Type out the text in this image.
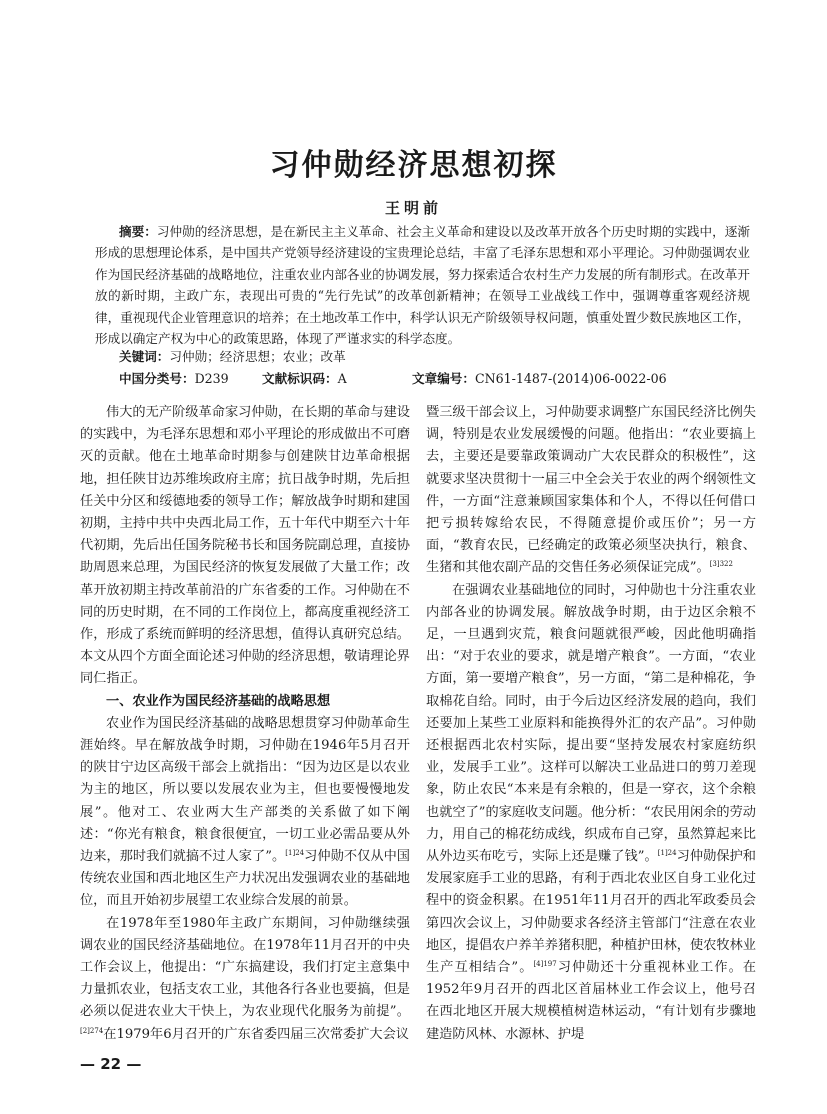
习仲勋经济思想初探
王明前
摘要：习仲勋的经济思想，是在新民主主义革命、社会主义革命和建设以及改革开放各个历史时期的实践中，逐渐形成的思想理论体系，是中国共产党领导经济建设的宝贵理论总结，丰富了毛泽东思想和邓小平理论。习仲勋强调农业作为国民经济基础的战略地位，注重农业内部各业的协调发展，努力探索适合农村生产力发展的所有制形式。在改革开放的新时期，主政广东，表现出可贵的“先行先试”的改革创新精神；在领导工业战线工作中，强调尊重客观经济规律，重视现代企业管理意识的培养；在土地改革工作中，科学认识无产阶级领导权问题，慎重处置少数民族地区工作，形成以确定产权为中心的政策思路，体现了严谨求实的科学态度。
关键词：习仲勋；经济思想；农业；改革
中国分类号：D239	文献标识码：A	文章编号：CN61-1487-(2014)06-0022-06

伟大的无产阶级革命家习仲勋，在长期的革命与建设的实践中，为毛泽东思想和邓小平理论的形成做出不可磨灭的贡献。他在土地革命时期参与创建陕甘边革命根据地，担任陕甘边苏维埃政府主席；抗日战争时期，先后担任关中分区和绥德地委的领导工作；解放战争时期和建国初期，主持中共中央西北局工作，五十年代中期至六十年代初期，先后出任国务院秘书长和国务院副总理，直接协助周恩来总理，为国民经济的恢复发展做了大量工作；改革开放初期主持改革前沿的广东省委的工作。习仲勋在不同的历史时期，在不同的工作岗位上，都高度重视经济工作，形成了系统而鲜明的经济思想，值得认真研究总结。本文从四个方面全面论述习仲勋的经济思想，敬请理论界同仁指正。

一、农业作为国民经济基础的战略思想

农业作为国民经济基础的战略思想贯穿习仲勋革命生涯始终。早在解放战争时期，习仲勋在1946年5月召开的陕甘宁边区高级干部会上就指出：“因为边区是以农业为主的地区，所以要以发展农业为主，但也要慢慢地发展”。他对工、农业两大生产部类的关系做了如下阐述：“你光有粮食，粮食很便宜，一切工业必需品要从外边来，那时我们就搞不过人家了”。$^{[1]24}$习仲勋不仅从中国传统农业国和西北地区生产力状况出发强调农业的基础地位，而且开始初步展望工农业综合发展的前景。

在1978年至1980年主政广东期间，习仲勋继续强调农业的国民经济基础地位。在1978年11月召开的中央工作会议上，他提出：“广东搞建设，我们打定主意集中力量抓农业，包括支农工业，其他各行各业也要搞，但是必须以促进农业大干快上，为农业现代化服务为前提”。$^{[2]274}$在1979年6月召开的广东省委四届三次常委扩大会议

暨三级干部会议上，习仲勋要求调整广东国民经济比例失调，特别是农业发展缓慢的问题。他指出：“农业要搞上去，主要还是要靠政策调动广大农民群众的积极性”，这就要求坚决贯彻十一届三中全会关于农业的两个纲领性文件，一方面“注意兼顾国家集体和个人，不得以任何借口把亏损转嫁给农民，不得随意提价或压价”；另一方面，“教育农民，已经确定的政策必须坚决执行，粮食、生猪和其他农副产品的交售任务必须保证完成”。$^{[3]322}$

在强调农业基础地位的同时，习仲勋也十分注重农业内部各业的协调发展。解放战争时期，由于边区余粮不足，一旦遇到灾荒，粮食问题就很严峻，因此他明确指出：“对于农业的要求，就是增产粮食”。一方面，“农业方面，第一要增产粮食”，另一方面，“第二是种棉花，争取棉花自给。同时，由于今后边区经济发展的趋向，我们还要加上某些工业原料和能换得外汇的农产品”。习仲勋还根据西北农村实际，提出要“坚持发展农村家庭纺织业，发展手工业”。这样可以解决工业品进口的剪刀差现象，防止农民“本来是有余粮的，但是一穿衣，这个余粮也就空了”的家庭收支问题。他分析：“农民用闲余的劳动力，用自己的棉花纺成线，织成布自己穿，虽然算起来比从外边买布吃亏，实际上还是赚了钱”。$^{[1]24}$习仲勋保护和发展家庭手工业的思路，有利于西北农业区自身工业化过程中的资金积累。在1951年11月召开的西北军政委员会第四次会议上，习仲勋要求各经济主管部门“注意在农业地区，提倡农户养羊养猪积肥，种植护田林，使农牧林业生产互相结合”。$^{[4]197}$习仲勋还十分重视林业工作。在1952年9月召开的西北区首届林业工作会议上，他号召在西北地区开展大规模植树造林运动，“有计划有步骤地建造防风林、水源林、护堤

— 22 —
